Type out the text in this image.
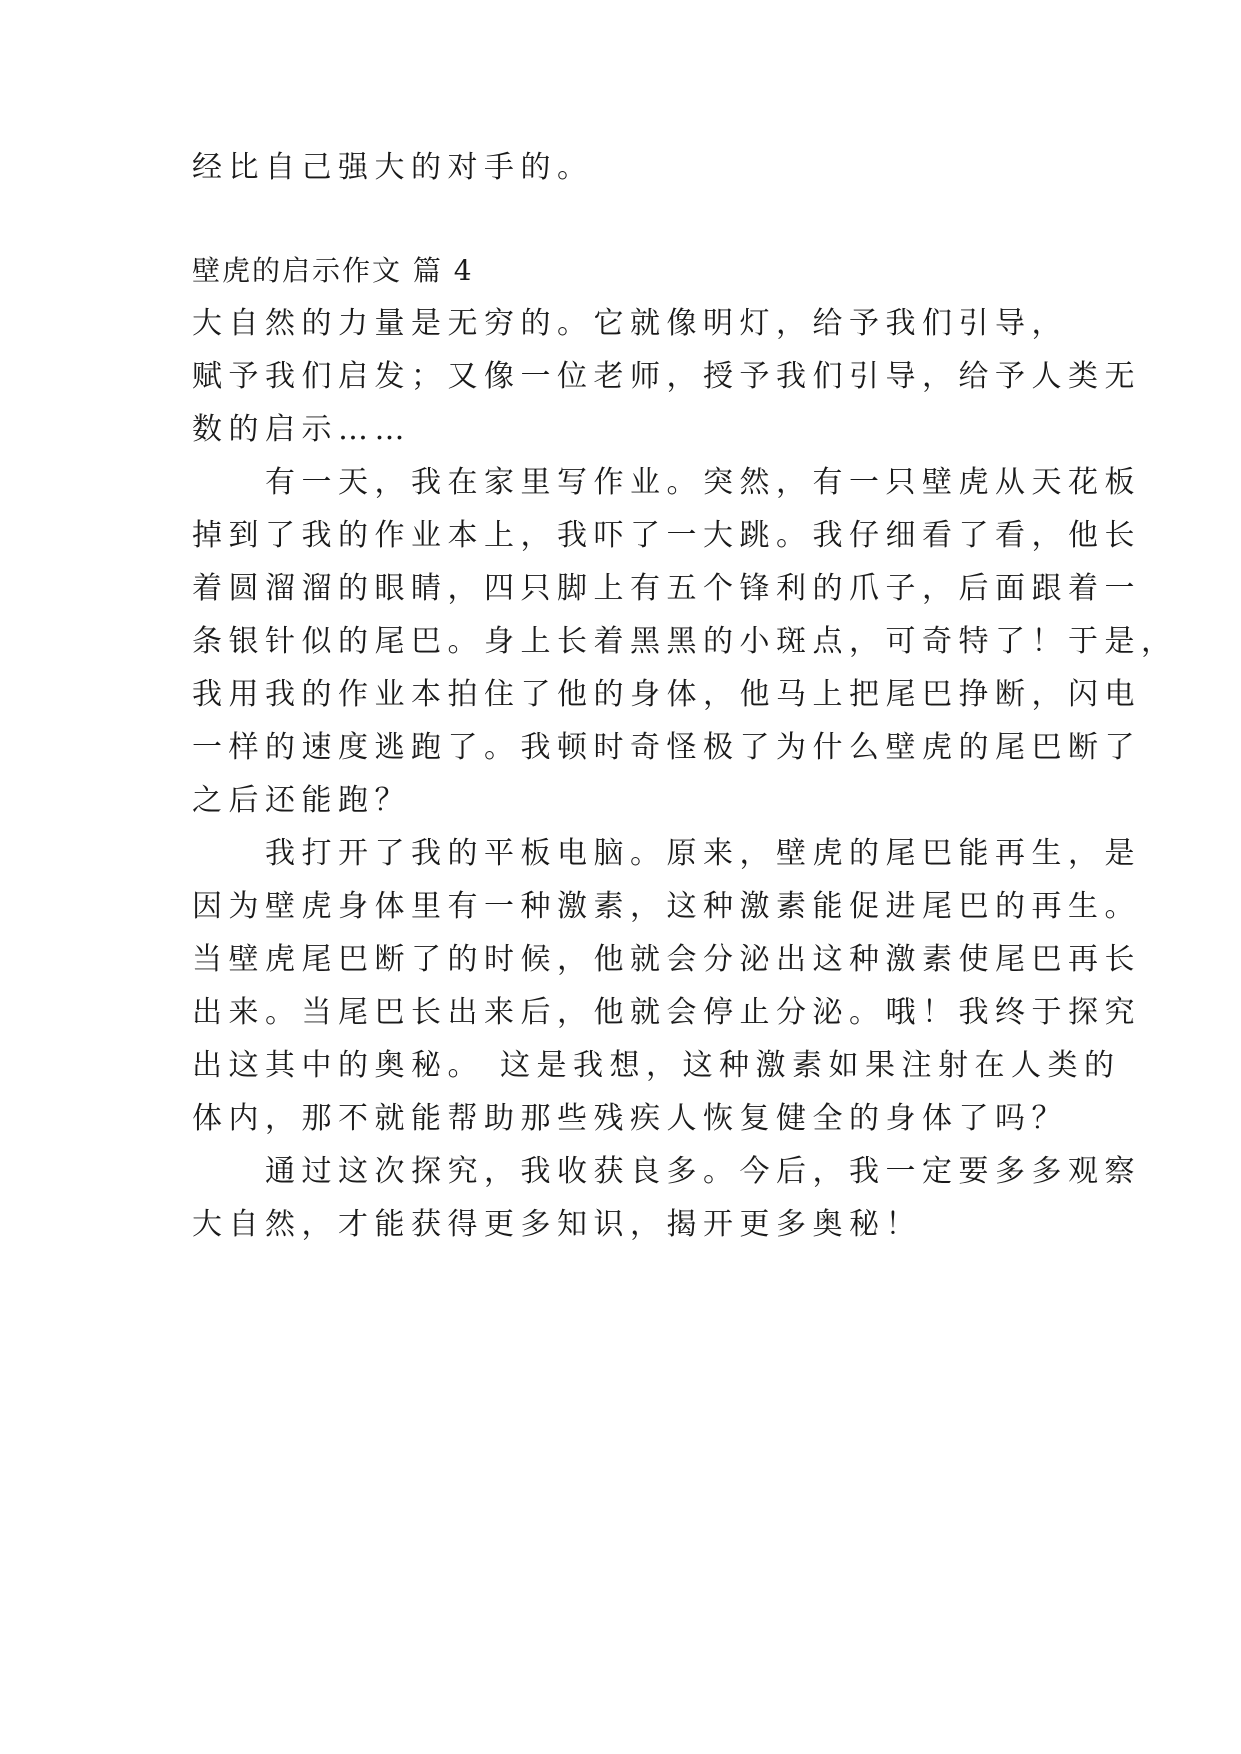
经比自己强大的对手的。
壁虎的启示作文 篇 4
大自然的力量是无穷的。它就像明灯，给予我们引导，
赋予我们启发；又像一位老师，授予我们引导，给予人类无
数的启示……
　　有一天，我在家里写作业。突然，有一只壁虎从天花板
掉到了我的作业本上，我吓了一大跳。我仔细看了看，他长
着圆溜溜的眼睛，四只脚上有五个锋利的爪子，后面跟着一
条银针似的尾巴。身上长着黑黑的小斑点，可奇特了！于是，
我用我的作业本拍住了他的身体，他马上把尾巴挣断，闪电
一样的速度逃跑了。我顿时奇怪极了为什么壁虎的尾巴断了
之后还能跑？
　　我打开了我的平板电脑。原来，壁虎的尾巴能再生，是
因为壁虎身体里有一种激素，这种激素能促进尾巴的再生。
当壁虎尾巴断了的时候，他就会分泌出这种激素使尾巴再长
出来。当尾巴长出来后，他就会停止分泌。哦！我终于探究
出这其中的奥秘。 这是我想，这种激素如果注射在人类的
体内，那不就能帮助那些残疾人恢复健全的身体了吗？
　　通过这次探究，我收获良多。今后，我一定要多多观察
大自然，才能获得更多知识，揭开更多奥秘！
